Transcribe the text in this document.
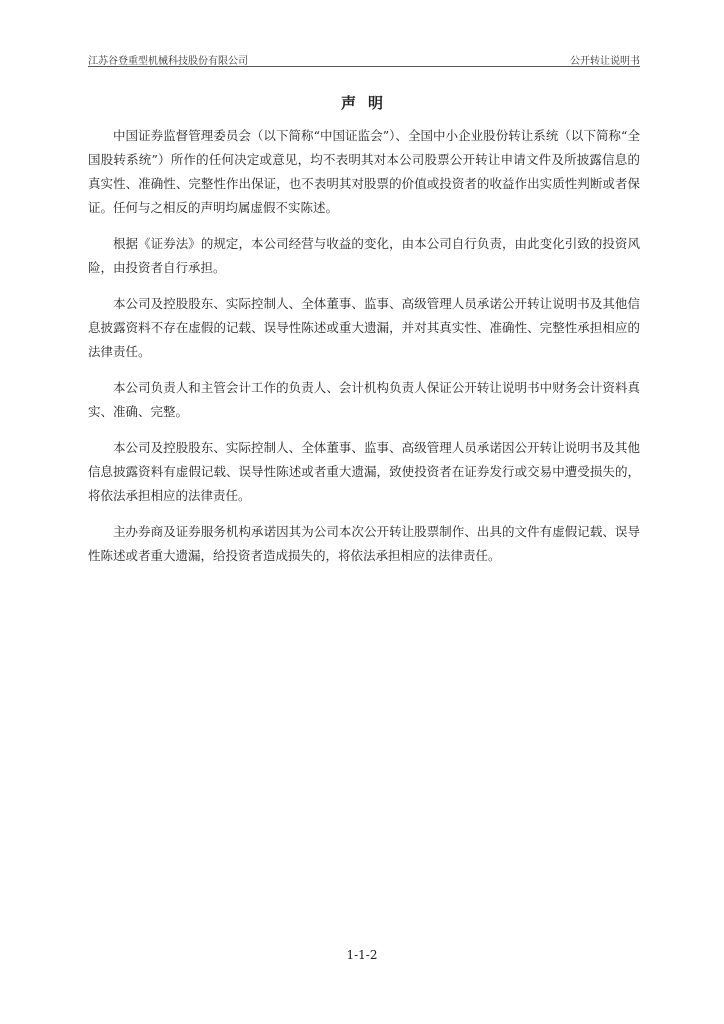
江苏谷登重型机械科技股份有限公司	公开转让说明书
声明

中国证券监督管理委员会（以下简称“中国证监会”）、全国中小企业股份转让系统（以下简称“全国股转系统”）所作的任何决定或意见，均不表明其对本公司股票公开转让申请文件及所披露信息的真实性、准确性、完整性作出保证，也不表明其对股票的价值或投资者的收益作出实质性判断或者保证。任何与之相反的声明均属虚假不实陈述。

根据《证券法》的规定，本公司经营与收益的变化，由本公司自行负责，由此变化引致的投资风险，由投资者自行承担。

本公司及控股股东、实际控制人、全体董事、监事、高级管理人员承诺公开转让说明书及其他信息披露资料不存在虚假的记载、误导性陈述或重大遗漏，并对其真实性、准确性、完整性承担相应的法律责任。

本公司负责人和主管会计工作的负责人、会计机构负责人保证公开转让说明书中财务会计资料真实、准确、完整。

本公司及控股股东、实际控制人、全体董事、监事、高级管理人员承诺因公开转让说明书及其他信息披露资料有虚假记载、误导性陈述或者重大遗漏，致使投资者在证券发行或交易中遭受损失的，将依法承担相应的法律责任。

主办券商及证券服务机构承诺因其为公司本次公开转让股票制作、出具的文件有虚假记载、误导性陈述或者重大遗漏，给投资者造成损失的，将依法承担相应的法律责任。

1-1-2
